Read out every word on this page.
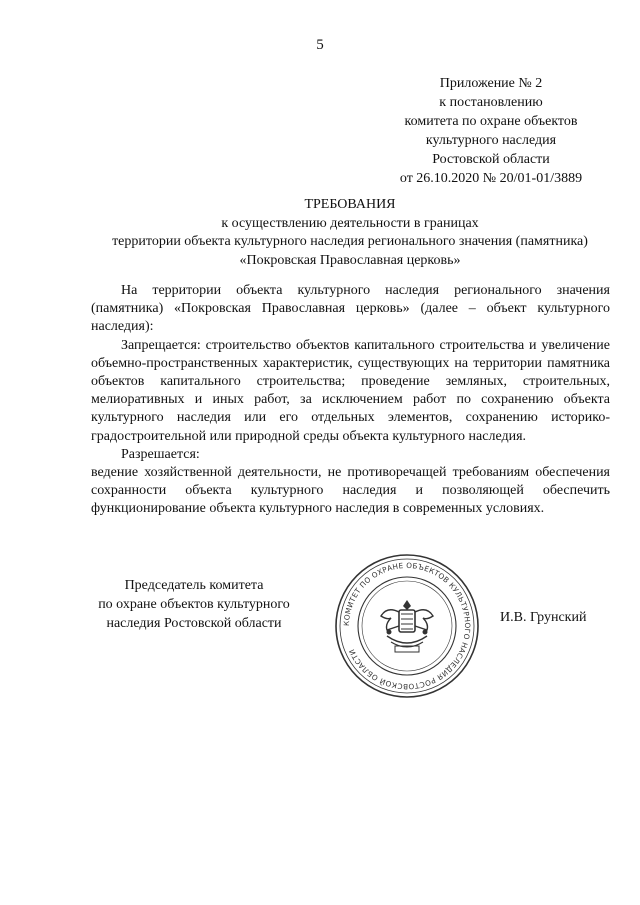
5
Приложение № 2
к постановлению
комитета по охране объектов
культурного наследия
Ростовской области
от 26.10.2020 № 20/01-01/3889
ТРЕБОВАНИЯ
к осуществлению деятельности в границах
территории объекта культурного наследия регионального значения (памятника)
«Покровская Православная церковь»

На территории объекта культурного наследия регионального значения (памятника) «Покровская Православная церковь» (далее – объект культурного наследия):

Запрещается: строительство объектов капитального строительства и увеличение объемно-пространственных характеристик, существующих на территории памятника объектов капитального строительства; проведение земляных, строительных, мелиоративных и иных работ, за исключением работ по сохранению объекта культурного наследия или его отдельных элементов, сохранению историко-градостроительной или природной среды объекта культурного наследия.

Разрешается:

ведение хозяйственной деятельности, не противоречащей требованиям обеспечения сохранности объекта культурного наследия и позволяющей обеспечить функционирование объекта культурного наследия в современных условиях.

Председатель комитета
по охране объектов культурного
наследия Ростовской области	КОМИТЕТ ПО ОХРАНЕ ОБЪЕКТОВ КУЛЬТУРНОГО НАСЛЕДИЯ РОСТОВСКОЙ ОБЛАСТИ
И.В. Грунский
